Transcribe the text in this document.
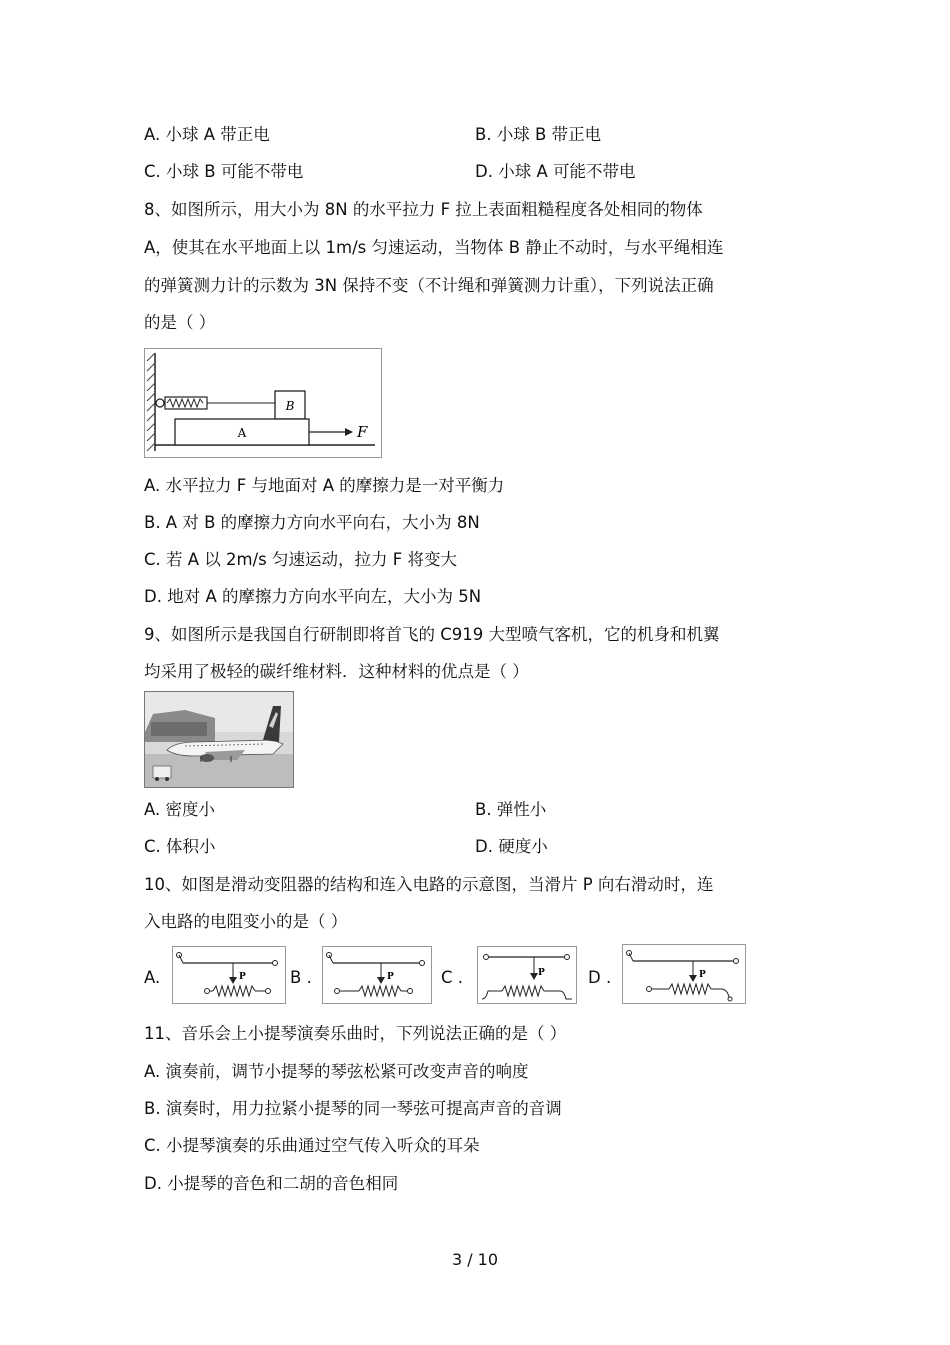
A. 小球 A 带正电	B. 小球 B 带正电
C. 小球 B 可能不带电	D. 小球 A 可能不带电
8、如图所示，用大小为 8N 的水平拉力 F 拉上表面粗糙程度各处相同的物体
A，使其在水平地面上以 1m/s 匀速运动，当物体 B 静止不动时，与水平绳相连
的弹簧测力计的示数为 3N 保持不变（不计绳和弹簧测力计重），下列说法正确
的是（ ）
B
A	F
A. 水平拉力 F 与地面对 A 的摩擦力是一对平衡力
B. A 对 B 的摩擦力方向水平向右，大小为 8N
C. 若 A 以 2m/s 匀速运动，拉力 F 将变大
D. 地对 A 的摩擦力方向水平向左，大小为 5N
9、如图所示是我国自行研制即将首飞的 C919 大型喷气客机，它的机身和机翼
均采用了极轻的碳纤维材料．这种材料的优点是（ ）
A. 密度小	B. 弹性小
C. 体积小	D. 硬度小
10、如图是滑动变阻器的结构和连入电路的示意图，当滑片 P 向右滑动时，连
入电路的电阻变小的是（ ）
A.	P	B .	P	C .	P	D .	P
11、音乐会上小提琴演奏乐曲时，下列说法正确的是（ ）
A. 演奏前，调节小提琴的琴弦松紧可改变声音的响度
B. 演奏时，用力拉紧小提琴的同一琴弦可提高声音的音调
C. 小提琴演奏的乐曲通过空气传入听众的耳朵
D. 小提琴的音色和二胡的音色相同
3 / 10
